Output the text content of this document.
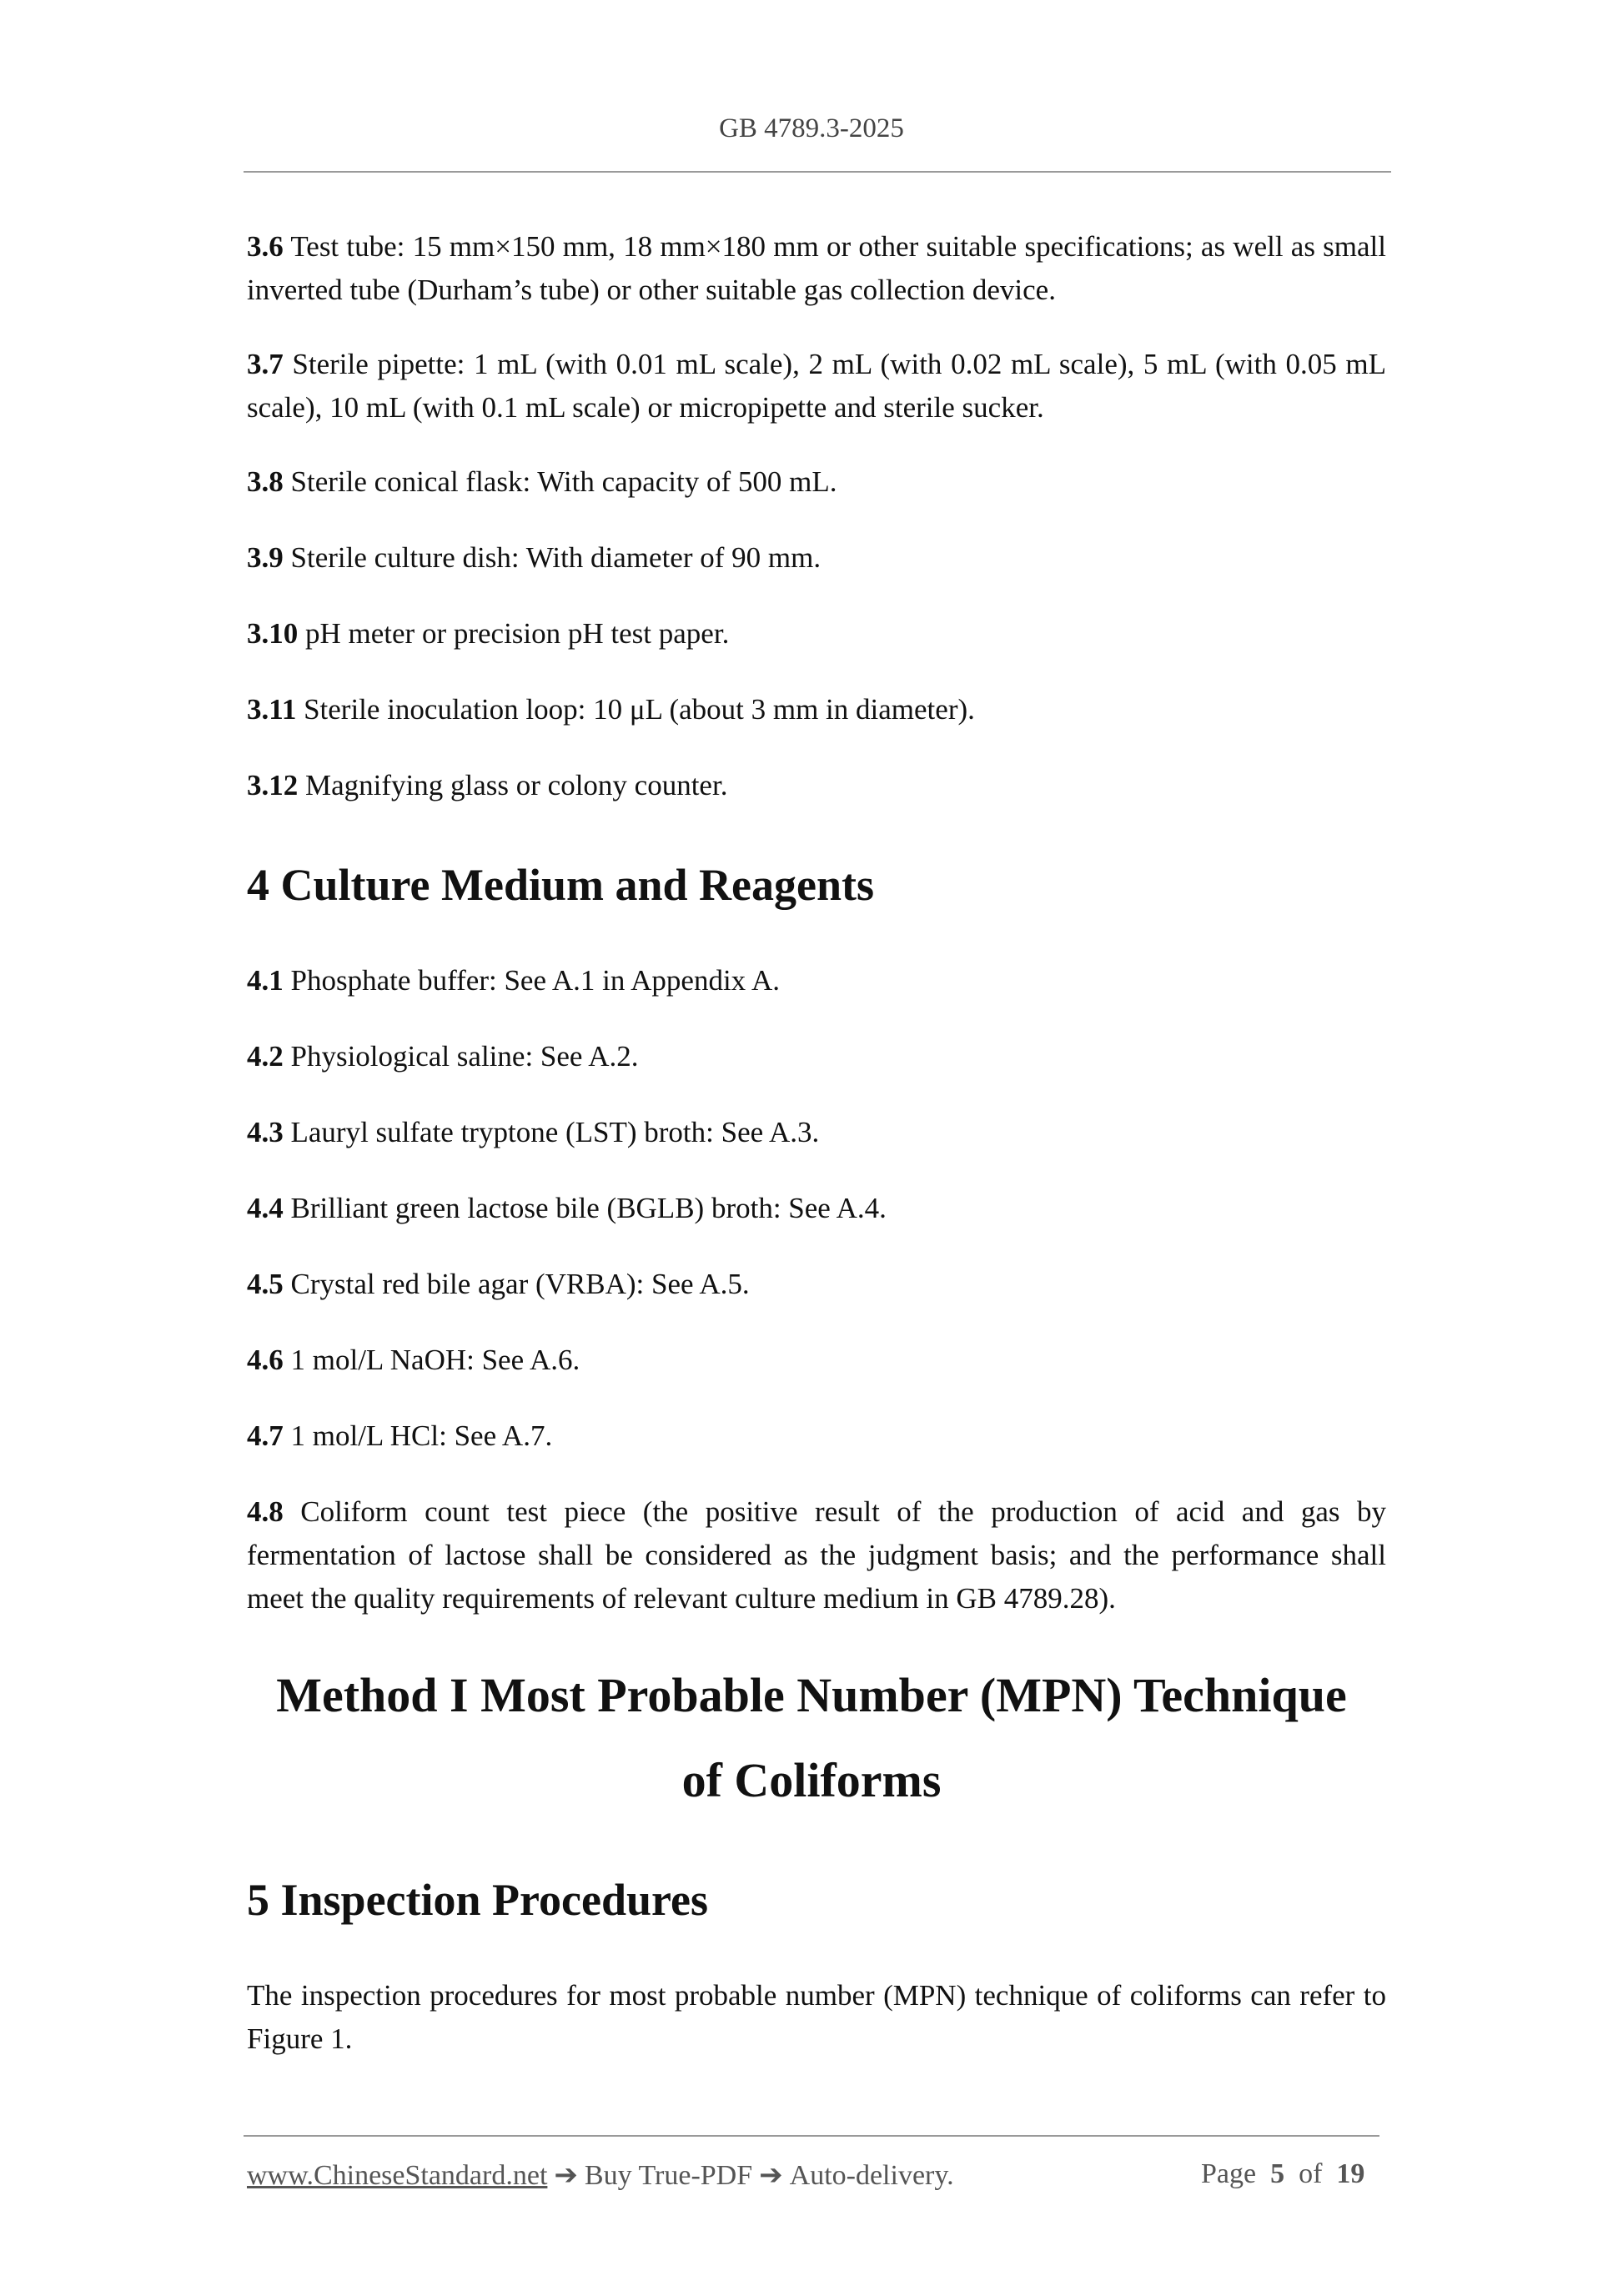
GB 4789.3-2025

3.6 Test tube: 15 mm×150 mm, 18 mm×180 mm or other suitable specifications; as well as small inverted tube (Durham’s tube) or other suitable gas collection device.

3.7 Sterile pipette: 1 mL (with 0.01 mL scale), 2 mL (with 0.02 mL scale), 5 mL (with 0.05 mL scale), 10 mL (with 0.1 mL scale) or micropipette and sterile sucker.

3.8 Sterile conical flask: With capacity of 500 mL.

3.9 Sterile culture dish: With diameter of 90 mm.

3.10 pH meter or precision pH test paper.

3.11 Sterile inoculation loop: 10 μL (about 3 mm in diameter).

3.12 Magnifying glass or colony counter.

4 Culture Medium and Reagents

4.1 Phosphate buffer: See A.1 in Appendix A.

4.2 Physiological saline: See A.2.

4.3 Lauryl sulfate tryptone (LST) broth: See A.3.

4.4 Brilliant green lactose bile (BGLB) broth: See A.4.

4.5 Crystal red bile agar (VRBA): See A.5.

4.6 1 mol/L NaOH: See A.6.

4.7 1 mol/L HCl: See A.7.

4.8 Coliform count test piece (the positive result of the production of acid and gas by fermentation of lactose shall be considered as the judgment basis; and the performance shall meet the quality requirements of relevant culture medium in GB 4789.28).

Method I Most Probable Number (MPN) Technique
of Coliforms
5 Inspection Procedures

The inspection procedures for most probable number (MPN) technique of coliforms can refer to Figure 1.

www.ChineseStandard.net ➔ Buy True-PDF ➔ Auto-delivery.	Page 5 of 19
